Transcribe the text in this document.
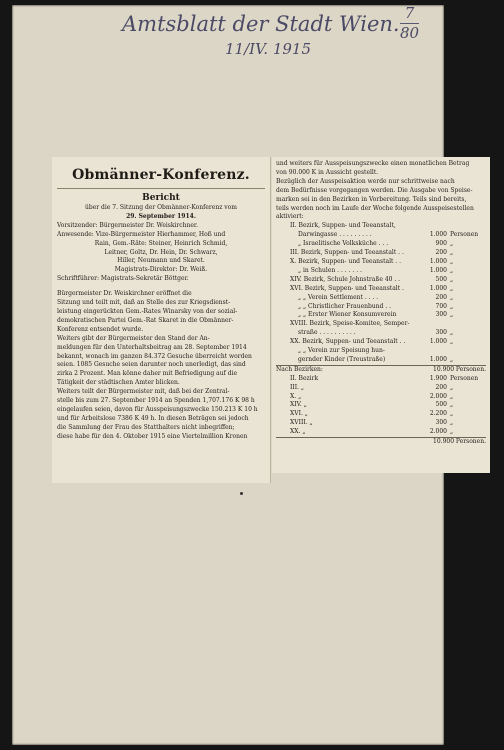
Amtsblatt der Stadt Wien.
11/IV. 1915
7
80
Obmänner-Konferenz.
Bericht

über die 7. Sitzung der Obmänner-Konferenz vom

29. September 1914.

Vorsitzender: Bürgermeister Dr. Weiskirchner.

Anwesende: Vize-Bürgermeister Hierhammer, Hoß und

Rain, Gem.-Räte: Steiner, Heinrich Schmid,

Leitner, Goltz, Dr. Hein, Dr. Schwarz,

Hiller, Neumann und Skaret.

Magistrats-Direktor: Dr. Weiß.

Schriftführer: Magistrats-Sekretär Böttger.

Bürgermeister Dr. Weiskirchner eröffnet die

Sitzung und teilt mit, daß an Stelle des zur Kriegsdienst-

leistung eingerückten Gem.-Rates Winarsky von der sozial-

demokratischen Partei Gem.-Rat Skaret in die Obmänner-

Konferenz entsendet wurde.

Weiters gibt der Bürgermeister den Stand der An-

meldungen für den Unterhaltsbeitrag am 28. September 1914

bekannt, wonach im ganzen 84.372 Gesuche überreicht worden

seien. 1085 Gesuche seien darunter noch unerledigt, das sind

zirka 2 Prozent. Man könne daher mit Befriedigung auf die

Tätigkeit der städtischen Ämter blicken.

Weiters teilt der Bürgermeister mit, daß bei der Zentral-

stelle bis zum 27. September 1914 an Spenden 1,707.176 K 98 h

eingelaufen seien, davon für Ausspeisungszwecke 150.213 K 10 h

und für Arbeitslose 7386 K 49 h. In diesen Beträgen sei jedoch

die Sammlung der Frau des Statthalters nicht inbegriffen;

diese habe für den 4. Oktober 1915 eine Viertelmillion Kronen

und weiters für Ausspeisungszwecke einen monatlichen Betrag

von 90.000 K in Aussicht gestellt.

Bezüglich der Ausspeisaktion werde nur schrittweise nach

dem Bedürfnisse vorgegangen werden. Die Ausgabe von Speise-

marken sei in den Bezirken in Vorbereitung. Teils sind bereits,

teils werden noch im Laufe der Woche folgende Ausspeisestellen

aktiviert:

II. Bezirk, Suppen- und Teeanstalt,
Darwingasse . . . . . . . . .	1.000 Personen
„ Israelitische Volksküche . . .	900 „
III. Bezirk, Suppen- und Teeanstalt . .	200 „
X. Bezirk, Suppen- und Teeanstalt . .	1.000 „
„ in Schulen . . . . . . .	1.000 „
XIV. Bezirk, Schule Johnstraße 40 . .	500 „
XVI. Bezirk, Suppen- und Teeanstalt .	1.000 „
„ „ Verein Settlement . . . .	200 „
„ „ Christlicher Frauenbund . .	700 „
„ „ Erster Wiener Konsumverein	300 „
XVIII. Bezirk, Speise-Komitee, Semper-
straße . . . . . . . . . .	300 „
XX. Bezirk, Suppen- und Teeanstalt . .	1.000 „
„ „ Verein zur Speisung hun-
gernder Kinder (Treustraße)	1.000 „
Nach Bezirken:	10.900 Personen.
II. Bezirk	1.900 Personen
III. „	200 „
X. „	2.000 „
XIV. „	500 „
XVI. „	2.200 „
XVIII. „	300 „
XX. „	2.000 „
10.900 Personen.
